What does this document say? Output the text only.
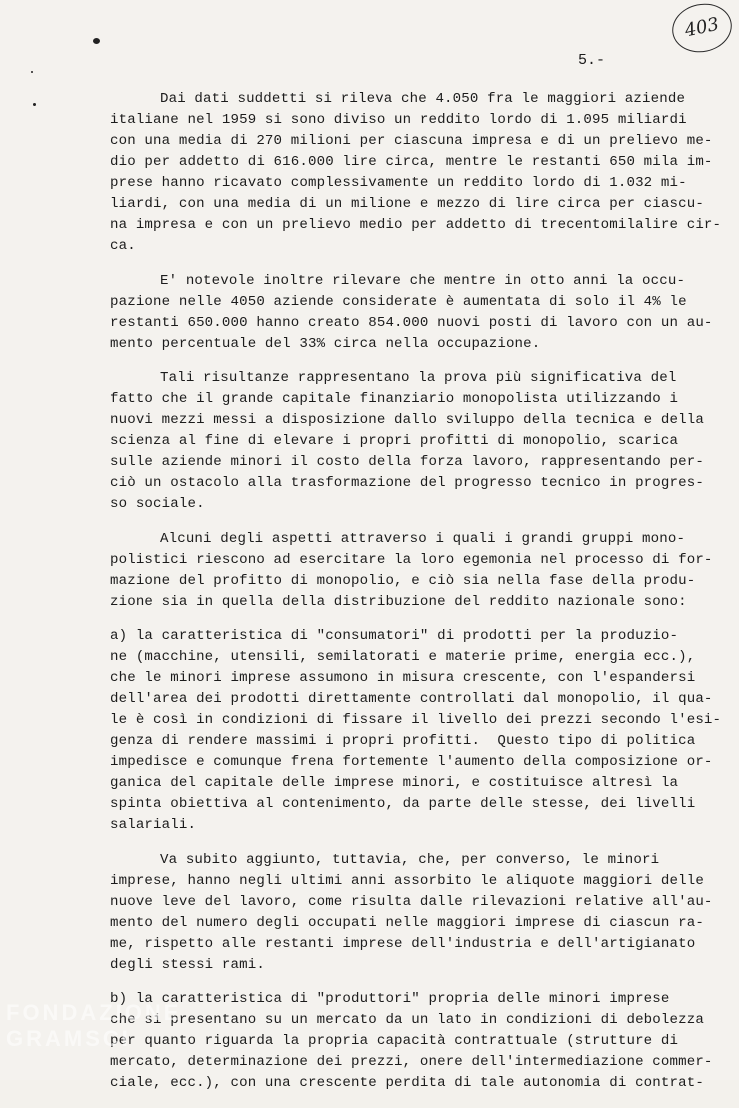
403
5.-
Dai dati suddetti si rileva che 4.050 fra le maggiori aziende
italiane nel 1959 si sono diviso un reddito lordo di 1.095 miliardi
con una media di 270 milioni per ciascuna impresa e di un prelievo me-
dio per addetto di 616.000 lire circa, mentre le restanti 650 mila im-
prese hanno ricavato complessivamente un reddito lordo di 1.032 mi-
liardi, con una media di un milione e mezzo di lire circa per ciascu-
na impresa e con un prelievo medio per addetto di trecentomilalire cir-
ca.
E' notevole inoltre rilevare che mentre in otto anni la occu-
pazione nelle 4050 aziende considerate è aumentata di solo il 4% le
restanti 650.000 hanno creato 854.000 nuovi posti di lavoro con un au-
mento percentuale del 33% circa nella occupazione.
Tali risultanze rappresentano la prova più significativa del
fatto che il grande capitale finanziario monopolista utilizzando i
nuovi mezzi messi a disposizione dallo sviluppo della tecnica e della
scienza al fine di elevare i propri profitti di monopolio, scarica
sulle aziende minori il costo della forza lavoro, rappresentando per-
ciò un ostacolo alla trasformazione del progresso tecnico in progres-
so sociale.
Alcuni degli aspetti attraverso i quali i grandi gruppi mono-
polistici riescono ad esercitare la loro egemonia nel processo di for-
mazione del profitto di monopolio, e ciò sia nella fase della produ-
zione sia in quella della distribuzione del reddito nazionale sono:
a) la caratteristica di "consumatori" di prodotti per la produzio-
ne (macchine, utensili, semilatorati e materie prime, energia ecc.),
che le minori imprese assumono in misura crescente, con l'espandersi
dell'area dei prodotti direttamente controllati dal monopolio, il qua-
le è così in condizioni di fissare il livello dei prezzi secondo l'esi-
genza di rendere massimi i propri profitti.  Questo tipo di politica
impedisce e comunque frena fortemente l'aumento della composizione or-
ganica del capitale delle imprese minori, e costituisce altresì la
spinta obiettiva al contenimento, da parte delle stesse, dei livelli
salariali.
Va subito aggiunto, tuttavia, che, per converso, le minori
imprese, hanno negli ultimi anni assorbito le aliquote maggiori delle
nuove leve del lavoro, come risulta dalle rilevazioni relative all'au-
mento del numero degli occupati nelle maggiori imprese di ciascun ra-
me, rispetto alle restanti imprese dell'industria e dell'artigianato
degli stessi rami.
b) la caratteristica di "produttori" propria delle minori imprese
che si presentano su un mercato da un lato in condizioni di debolezza
per quanto riguarda la propria capacità contrattuale (strutture di
mercato, determinazione dei prezzi, onere dell'intermediazione commer-
ciale, ecc.), con una crescente perdita di tale autonomia di contrat-
FONDAZIONE
GRAMSCI
